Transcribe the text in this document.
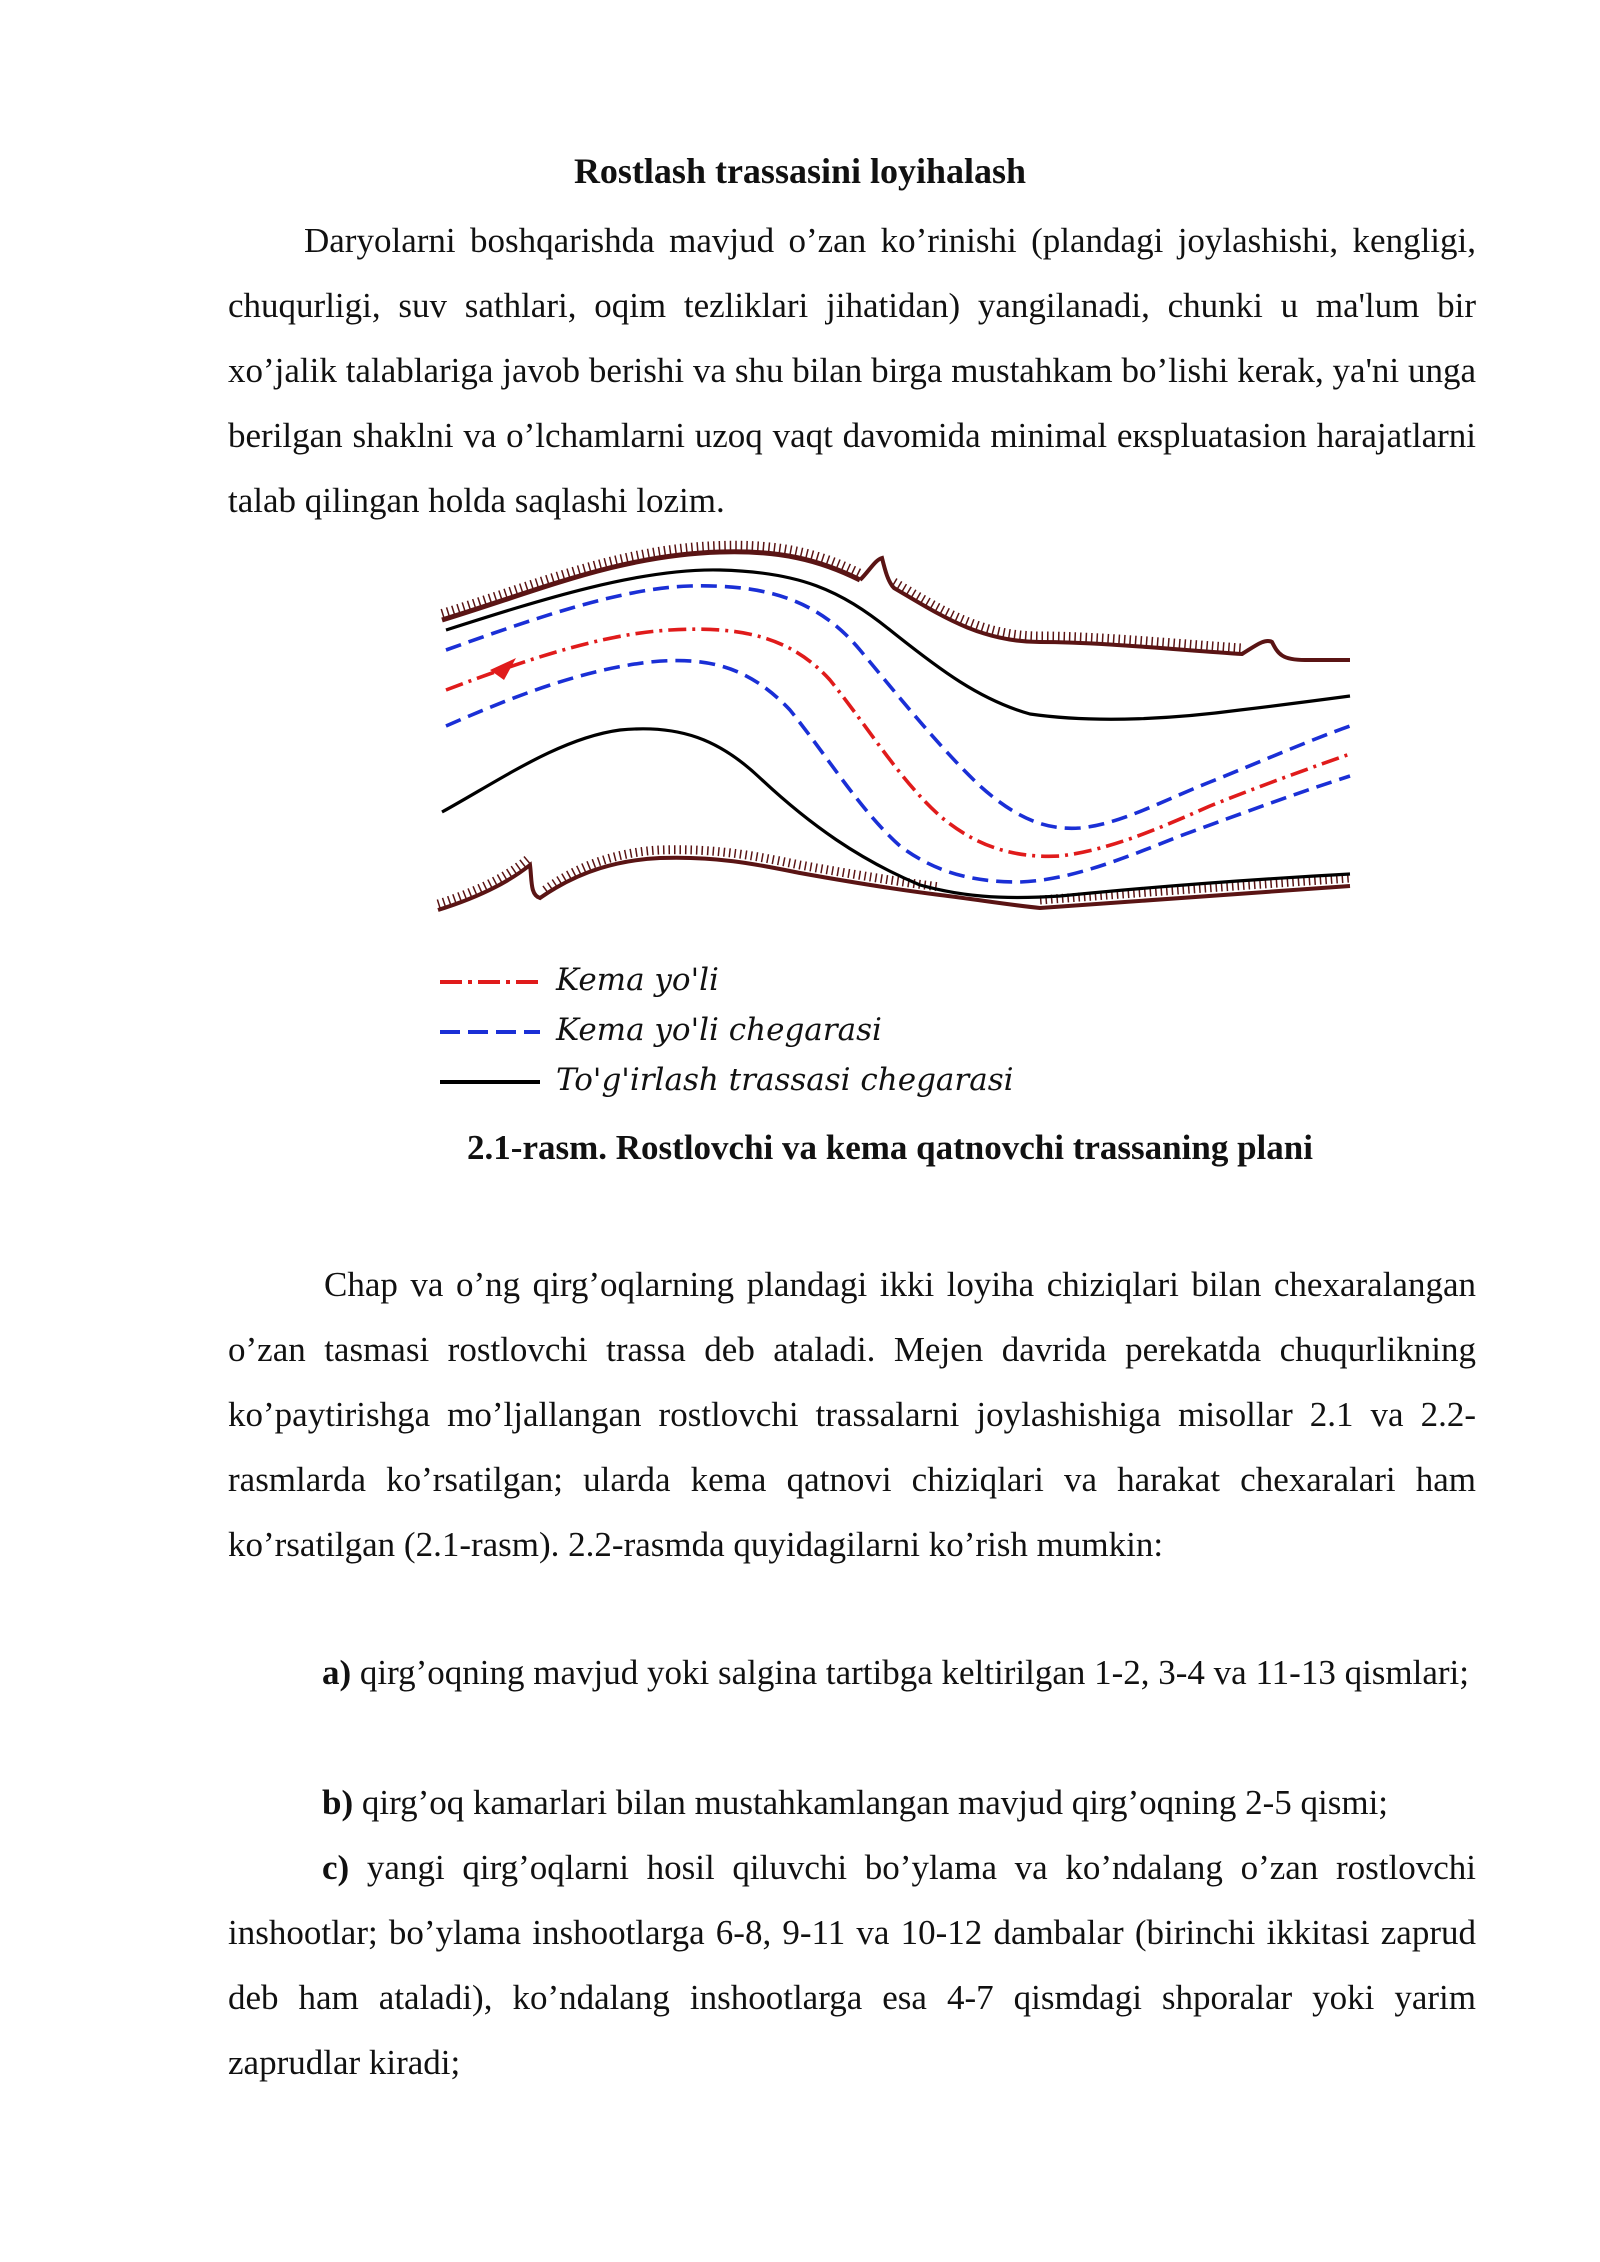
Rostlash trassasini loyihalash

Daryolarni boshqarishda mavjud o’zan ko’rinishi (plandagi joylashishi, kengligi, chuqurligi, suv sathlari, oqim tezliklari jihatidan) yangilanadi, chunki u ma'lum bir xo’jalik talablariga javob berishi va shu bilan birga mustahkam bo’lishi kerak, ya'ni unga berilgan shaklni va o’lchamlarni uzoq vaqt davomida minimal eкspluatasion harajatlarni talab qilingan holda saqlashi lozim.

Kema yo'li
Kema yo'li chegarasi
To'g'irlash trassasi chegarasi

2.1-rasm. Rostlovchi va kema qatnovchi trassaning plani

Chap va o’ng qirg’oqlarning plandagi ikki loyiha chiziqlari bilan chexaralangan o’zan tasmasi rostlovchi trassa deb ataladi. Mejen davrida perekatda chuqurlikning ko’paytirishga mo’ljallangan rostlovchi trassalarni joylashishiga misollar 2.1 va 2.2-rasmlarda ko’rsatilgan; ularda kema qatnovi chiziqlari va harakat chexaralari ham ko’rsatilgan (2.1-rasm). 2.2-rasmda quyidagilarni ko’rish mumkin:

a) qirg’oqning mavjud yoki salgina tartibga keltirilgan 1-2, 3-4 va 11-13 qismlari;

b) qirg’oq kamarlari bilan mustahkamlangan mavjud qirg’oqning 2-5 qismi;

c) yangi qirg’oqlarni hosil qiluvchi bo’ylama va ko’ndalang o’zan rostlovchi inshootlar; bo’ylama inshootlarga 6-8, 9-11 va 10-12 dambalar (birinchi ikkitasi zaprud deb ham ataladi), ko’ndalang inshootlarga esa 4-7 qismdagi shporalar yoki yarim zaprudlar kiradi;
